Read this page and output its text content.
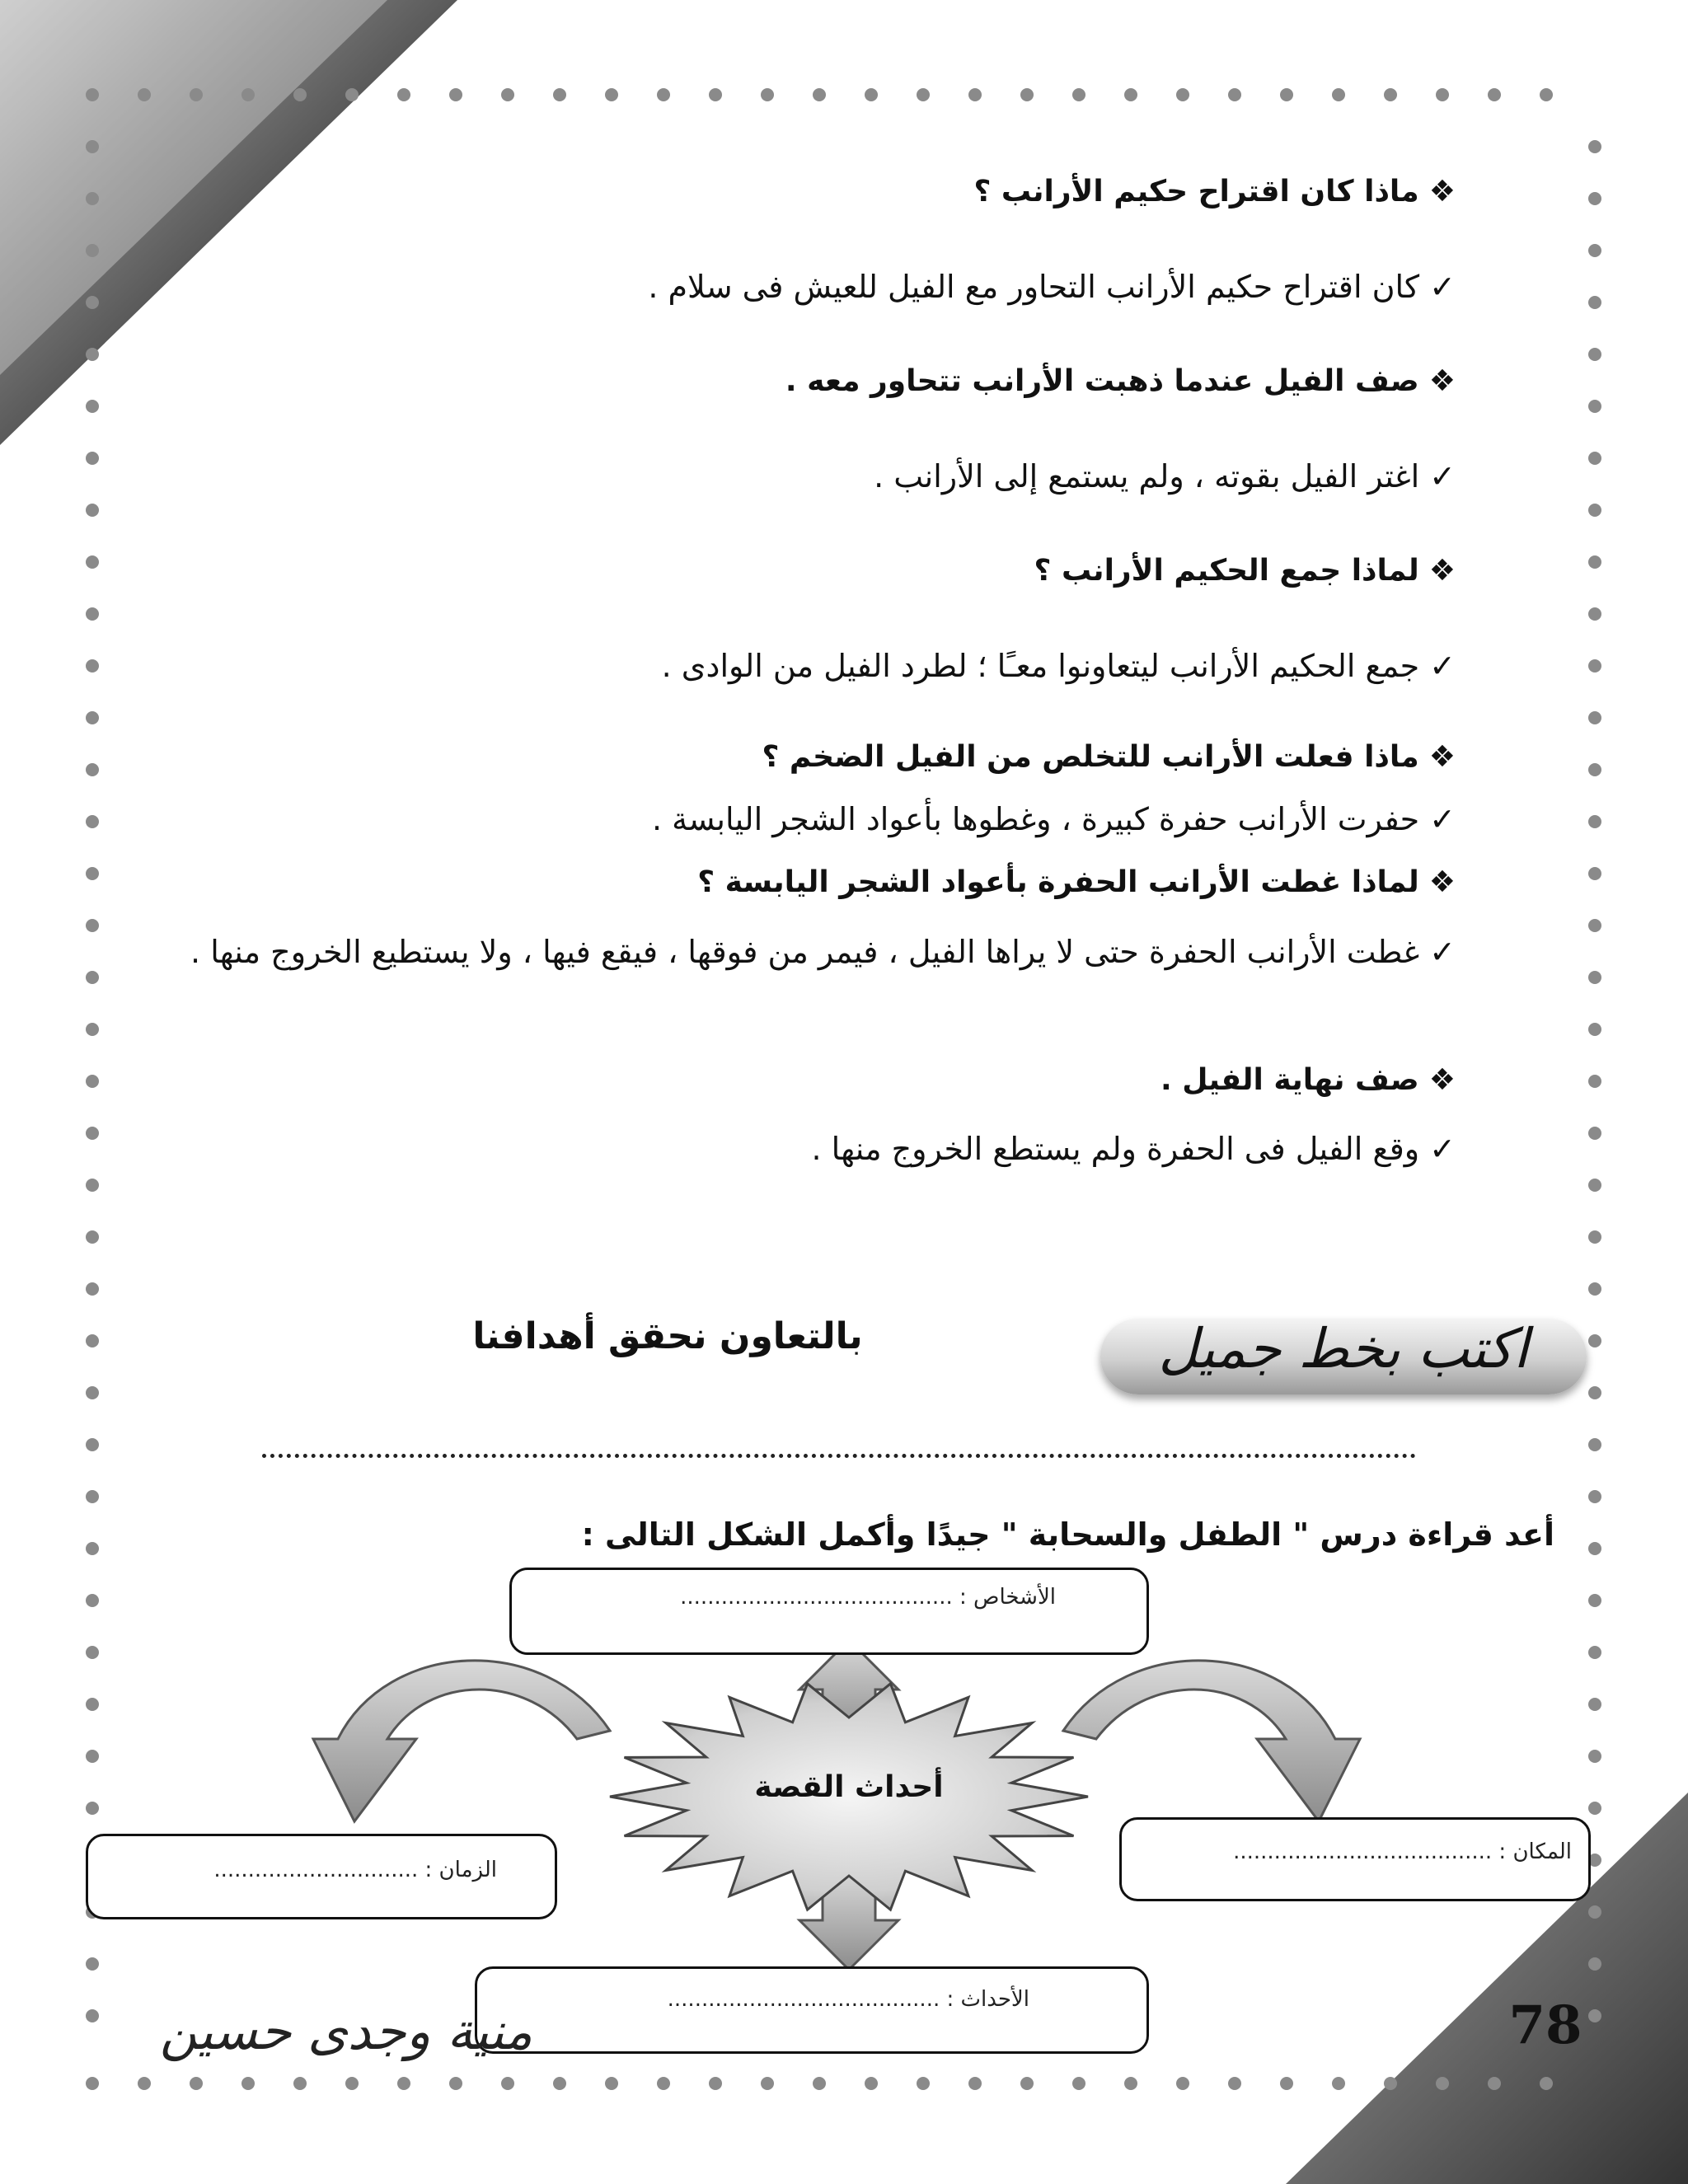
❖ماذا كان اقتراح حكيم الأرانب ؟
✓كان اقتراح حكيم الأرانب التحاور مع الفيل للعيش فى سلام .
❖صف الفيل عندما ذهبت الأرانب تتحاور معه .
✓اغتر الفيل بقوته ، ولم يستمع إلى الأرانب .
❖لماذا جمع الحكيم الأرانب ؟
✓جمع الحكيم الأرانب ليتعاونوا معـًا ؛ لطرد الفيل من الوادى .
❖ماذا فعلت الأرانب للتخلص من الفيل الضخم ؟
✓حفرت الأرانب حفرة كبيرة ، وغطوها بأعواد الشجر اليابسة .
❖لماذا غطت الأرانب الحفرة بأعواد الشجر اليابسة ؟
✓غطت الأرانب الحفرة حتى لا يراها الفيل ، فيمر من فوقها ، فيقع فيها ، ولا يستطيع الخروج منها .
❖صف نهاية الفيل .
✓وقع الفيل فى الحفرة ولم يستطع الخروج منها .
اكتب بخط جميل
بالتعاون نحقق أهدافنا
أعد قراءة درس " الطفل والسحابة " جيدًا وأكمل الشكل التالى :
الأشخاص : ........................................
المكان : ......................................
الزمان : ..............................
الأحداث : ........................................
أحداث القصة
منية وجدى حسين	78
